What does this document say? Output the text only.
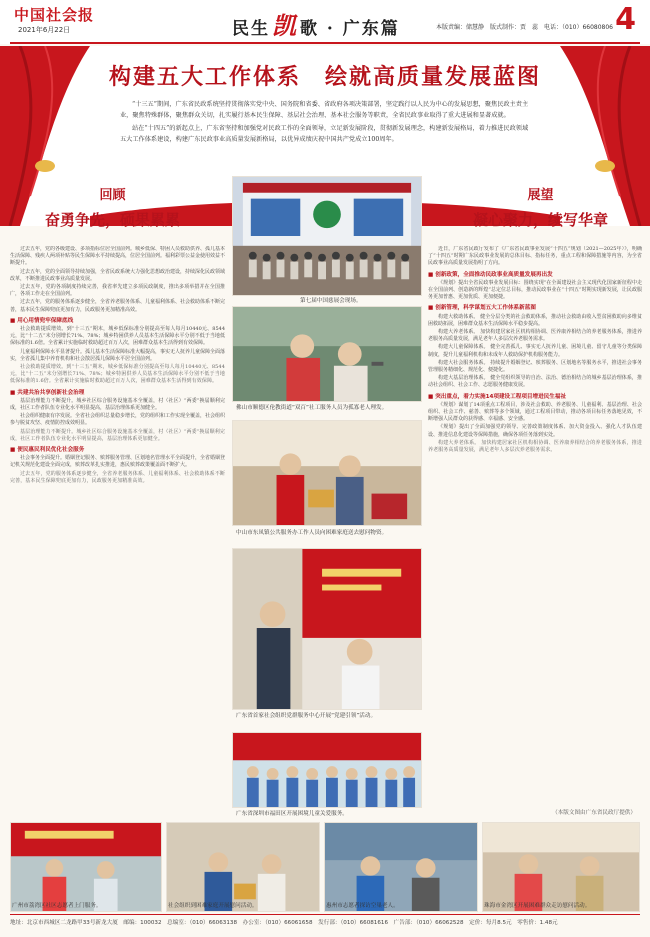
中国社会报
2021年6月22日	民生凯 歌 · 广东篇	本版责编：储慧静　版式制作：贾　蕊　电话：（010）66080806 4
构建五大工作体系　绘就高质量发展蓝图

“十三五”期间，广东省民政系统坚持贯彻落实党中央、国务院和省委、省政府各项决策部署，坚定践行以人民为中心的发展思想，聚焦民政主责主业，聚焦特殊群体，聚焦群众关切，扎实履行基本民生保障、基层社会治理、基本社会服务等职责，全省民政事业取得了重大进展和显著成就。

站在“十四五”的新起点上，广东省坚持和加强党对民政工作的全面领导，立足新发展阶段，贯彻新发展理念，构建新发展格局，着力推进民政领域五大工作体系建设，构建广东民政事业高质量发展新格局，以优异成绩庆祝中国共产党成立100周年。

回顾
奋勇争先，硕果累累
展望
凝心聚力，续写华章

过去五年，党的各级建设、多项指标位居全国前列。城乡低保、特困人员救助供养、孤儿基本生活保障、残疾人两项补贴等民生保障水平持续提高，位居全国前列。福利彩票公益金使用效益不断提升。

过去五年，党的全面领导持续加强，全省民政系统大力强化思想政治建设，持续深化民政领域改革，不断推进民政事业高质量发展。

过去五年，党的各项制度持续完善，我省率先建立多项民政制度，推出多项举措并在全国推广，各项工作走在全国前列。

过去五年，党的服务体系逐步健全，全省养老服务体系、儿童福利体系、社会救助体系不断完善，基本民生保障兜底更加有力，民政服务更加精准高效。

■ 用心用情兜牢保障底线

社会救助提质增效。到“十三五”期末，城乡低保标准分别提高至每人每月10440元、8544元，比“十二五”末分别增长71%、78%；城乡特困供养人员基本生活保障水平分别不低于当地低保标准的1.6倍。全省累计实施临时救助超过百万人次，困难群众基本生活得到有效保障。

儿童福利保障水平显著提升。孤儿基本生活保障标准大幅提高，事实无人抚养儿童保障全面落实，全省孤儿集中养育机构和社会散居孤儿保障水平居全国前列。

社会救助提质增效。到“十三五”期末，城乡低保标准分别提高至每人每月10440元、8544元，比“十二五”末分别增长71%、78%；城乡特困供养人员基本生活保障水平分别不低于当地低保标准的1.6倍。全省累计实施临时救助超过百万人次，困难群众基本生活得到有效保障。

■ 共建共治共享创新社会治理

基层治理能力不断提升。城乡社区综合服务设施基本全覆盖，村（社区）“两委”换届顺利完成，社区工作者队伍专业化水平明显提高，基层治理体系更加健全。

社会组织健康有序发展。全省社会组织总量稳步增长，党的组织和工作实现全覆盖，社会组织参与脱贫攻坚、疫情防控成效明显。

基层治理能力不断提升。城乡社区综合服务设施基本全覆盖，村（社区）“两委”换届顺利完成，社区工作者队伍专业化水平明显提高，基层治理体系更加健全。

■ 便民惠民利民优化社会服务

社会事务全面提升。婚姻登记服务、殡葬服务管理、区划地名管理水平全面提升，全省婚姻登记机关规范化建设全面完成，殡葬改革扎实推进，惠民殡葬政策覆盖面不断扩大。

过去五年，党的服务体系逐步健全，全省养老服务体系、儿童福利体系、社会救助体系不断完善，基本民生保障兜底更加有力，民政服务更加精准高效。

近日，广东省民政厅发布了《广东省民政事业发展“十四五”规划（2021—2025年）》，明确了“十四五”时期广东民政事业发展的总体目标、指标任务，重点工程和保障措施等内容，为全省民政事业高质量发展指明了方向。

■ 创新政策，全面推动民政事业高质量发展再出发

《规划》提出全省民政事业发展目标：围绕实现“在全面建设社会主义现代化国家新征程中走在全国前列、创造新的辉煌”总定位总目标，推动民政事业在“十四五”时期实现新发展，让民政服务更加普惠、更加优质、更加便捷。

■ 创新管理，科学谋划五大工作体系新蓝图

构建大救助体系。 健全分层分类的社会救助体系，推动社会救助由收入型贫困救助向多维贫困救助拓展，困难群众基本生活保障水平稳步提高。

构建大养老体系。 加快构建居家社区机构相协调、医养康养相结合的养老服务体系，推进养老服务高质量发展，满足老年人多层次养老服务需求。

构建大儿童保障体系。 健全完善孤儿、事实无人抚养儿童、困境儿童、留守儿童等分类保障制度，提升儿童福利机构和未成年人救助保护机构服务能力。

构建大社会服务体系。 持续提升婚姻登记、殡葬服务、区划地名等服务水平，推进社会事务管理服务精细化、规范化、便捷化。

构建大基层治理体系。 健全党组织领导的自治、法治、德治相结合的城乡基层治理体系，推动社会组织、社会工作、志愿服务健康发展。

■ 突出重点，着力实施14项建设工程项目增进民生福祉

《规划》谋划了14项重点工程项目，涉及社会救助、养老服务、儿童福利、基层治理、社会组织、社会工作、慈善、殡葬等多个领域，通过工程项目带动，推动各项目标任务落地见效，不断增强人民群众的获得感、幸福感、安全感。

《规划》提出了全面加强党的领导、完善政策制度体系、加大资金投入、强化人才队伍建设、推进信息化建设等保障措施，确保各项任务落到实处。

构建大养老体系。 加快构建居家社区机构相协调、医养康养相结合的养老服务体系，推进养老服务高质量发展，满足老年人多层次养老服务需求。

第七届中国慈展会现场。
佛山市顺德区伦教街道“双百”社工服务人员为孤寡老人理发。
中山市东凤镇公共服务办工作人员向困难家庭送去慰问物资。
广东省首家社会组织党群服务中心开展“党建引领”活动。
广东省深圳市福田区开展困境儿童关爱服务。	（本版文图由广东省民政厅提供）
广州市荔湾区社区志愿者上门服务。	社会组织到困难家庭开展慰问活动。	惠州市志愿者探访空巢老人。	珠海市金湾区开展困难群众走访慰问活动。
地址：北京市西城区二龙路甲33号新龙大厦　邮编：100032　总编室：（010）66063138　办公室：（010）66061658　发行部：（010）66081616　广告部：（010）66062528　定价：每月8.5元　零售价：1.48元
